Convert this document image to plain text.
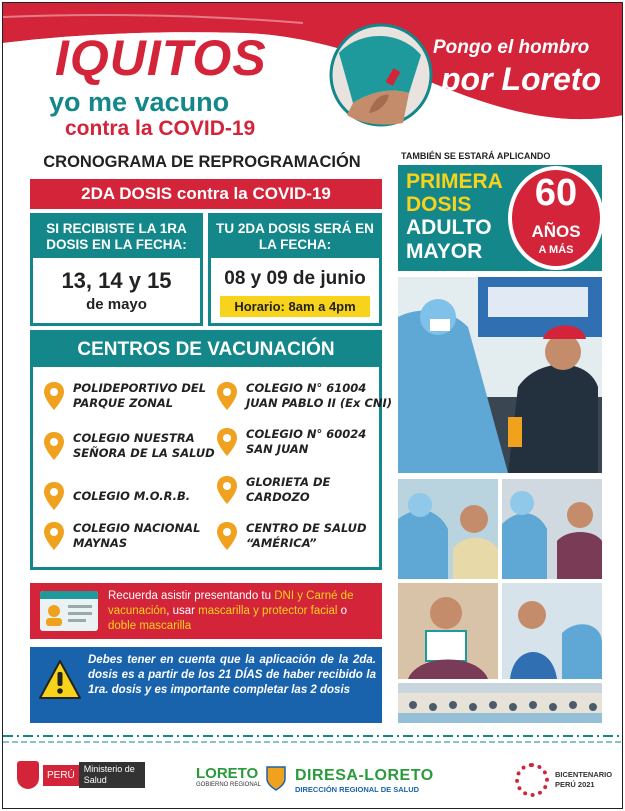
IQUITOS
yo me vacuno
contra la COVID-19
Pongo el hombro
por Loreto
CRONOGRAMA DE REPROGRAMACIÓN
2DA DOSIS contra la COVID-19
SI RECIBISTE LA 1RA DOSIS EN LA FECHA:
13, 14 y 15
de mayo
TU 2DA DOSIS SERÁ EN LA FECHA:
08 y 09 de junio
Horario: 8am a 4pm
CENTROS DE VACUNACIÓN
POLIDEPORTIVO DEL
PARQUE ZONAL
COLEGIO N° 61004
JUAN PABLO II (Ex CNI)
COLEGIO NUESTRA
SEÑORA DE LA SALUD
COLEGIO N° 60024
SAN JUAN
COLEGIO M.O.R.B.
GLORIETA DE
CARDOZO
COLEGIO NACIONAL
MAYNAS
CENTRO DE SALUD
“AMÉRICA”
Recuerda asistir presentando tu DNI y Carné de vacunación, usar mascarilla y protector facial o doble mascarilla
Debes tener en cuenta que la aplicación de la 2da. dosis es a partir de los 21 DÍAS de haber recibido la 1ra. dosis y es importante completar las 2 dosis
TAMBIÉN SE ESTARÁ APLICANDO
PRIMERA
DOSIS
ADULTO
MAYOR
60
AÑOS
A MÁS
PERÚ
Ministerio de Salud	LORETO
GOBIERNO REGIONAL
DIRESA-LORETO
DIRECCIÓN REGIONAL DE SALUD
BICENTENARIO
PERÚ 2021
